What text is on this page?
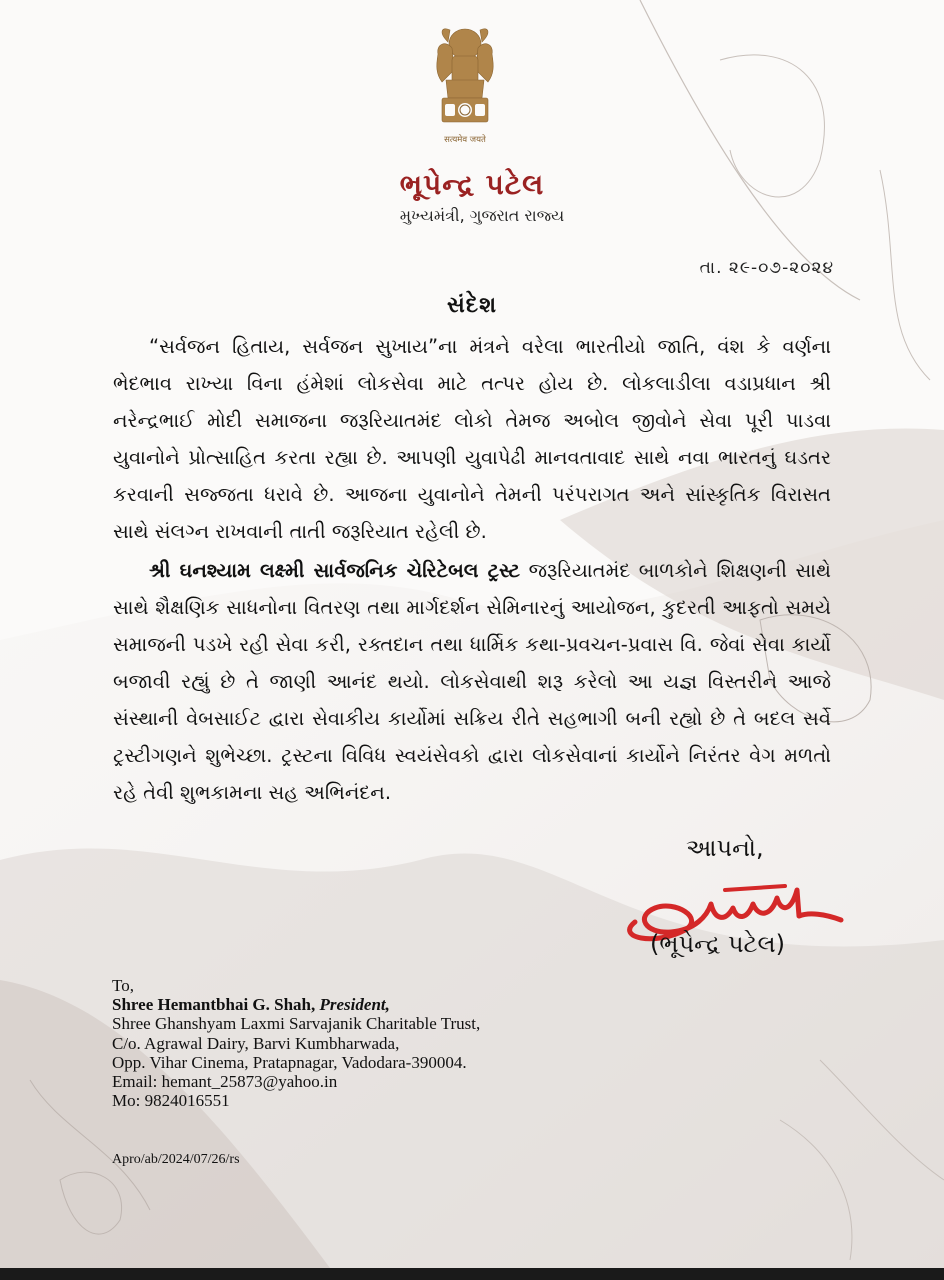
सत्यमेव जयते
ભૂપેન્દ્ર પટેલ

મુખ્યમંત્રી, ગુજરાત રાજ્ય

તા. ૨૯-૦૭-૨૦૨૪
સંદેશ

“સર્વજન હિતાય, સર્વજન સુખાય”ના મંત્રને વરેલા ભારતીયો જાતિ, વંશ કે વર્ણના ભેદભાવ રાખ્યા વિના હંમેશાં લોકસેવા માટે તત્પર હોય છે. લોકલાડીલા વડાપ્રધાન શ્રી નરેન્દ્રભાઈ મોદી સમાજના જરૂરિયાતમંદ લોકો તેમજ અબોલ જીવોને સેવા પૂરી પાડવા યુવાનોને પ્રોત્સાહિત કરતા રહ્યા છે. આપણી યુવાપેઢી માનવતાવાદ સાથે નવા ભારતનું ઘડતર કરવાની સજ્જતા ધરાવે છે. આજના યુવાનોને તેમની પરંપરાગત અને સાંસ્કૃતિક વિરાસત સાથે સંલગ્ન રાખવાની તાતી જરૂરિયાત રહેલી છે.

શ્રી ઘનશ્યામ લક્ષ્મી સાર્વજનિક ચેરિટેબલ ટ્રસ્ટ જરૂરિયાતમંદ બાળકોને શિક્ષણની સાથે સાથે શૈક્ષણિક સાધનોના વિતરણ તથા માર્ગદર્શન સેમિનારનું આયોજન, કુદરતી આફતો સમયે સમાજની પડખે રહી સેવા કરી, રક્તદાન તથા ધાર્મિક કથા-પ્રવચન-પ્રવાસ વિ. જેવાં સેવા કાર્યો બજાવી રહ્યું છે તે જાણી આનંદ થયો. લોકસેવાથી શરૂ કરેલો આ યજ્ઞ વિસ્તરીને આજે સંસ્થાની વેબસાઈટ દ્વારા સેવાકીય કાર્યોમાં સક્રિય રીતે સહભાગી બની રહ્યો છે તે બદલ સર્વે ટ્રસ્ટીગણને શુભેચ્છા. ટ્રસ્ટના વિવિધ સ્વયંસેવકો દ્વારા લોકસેવાનાં કાર્યોને નિરંતર વેગ મળતો રહે તેવી શુભકામના સહ અભિનંદન.

આપનો,

(ભૂપેન્દ્ર પટેલ)

To,
Shree Hemantbhai G. Shah, President,
Shree Ghanshyam Laxmi Sarvajanik Charitable Trust,
C/o. Agrawal Dairy, Barvi Kumbharwada,
Opp. Vihar Cinema, Pratapnagar, Vadodara-390004.
Email: hemant_25873@yahoo.in
Mo: 9824016551
Apro/ab/2024/07/26/rs
